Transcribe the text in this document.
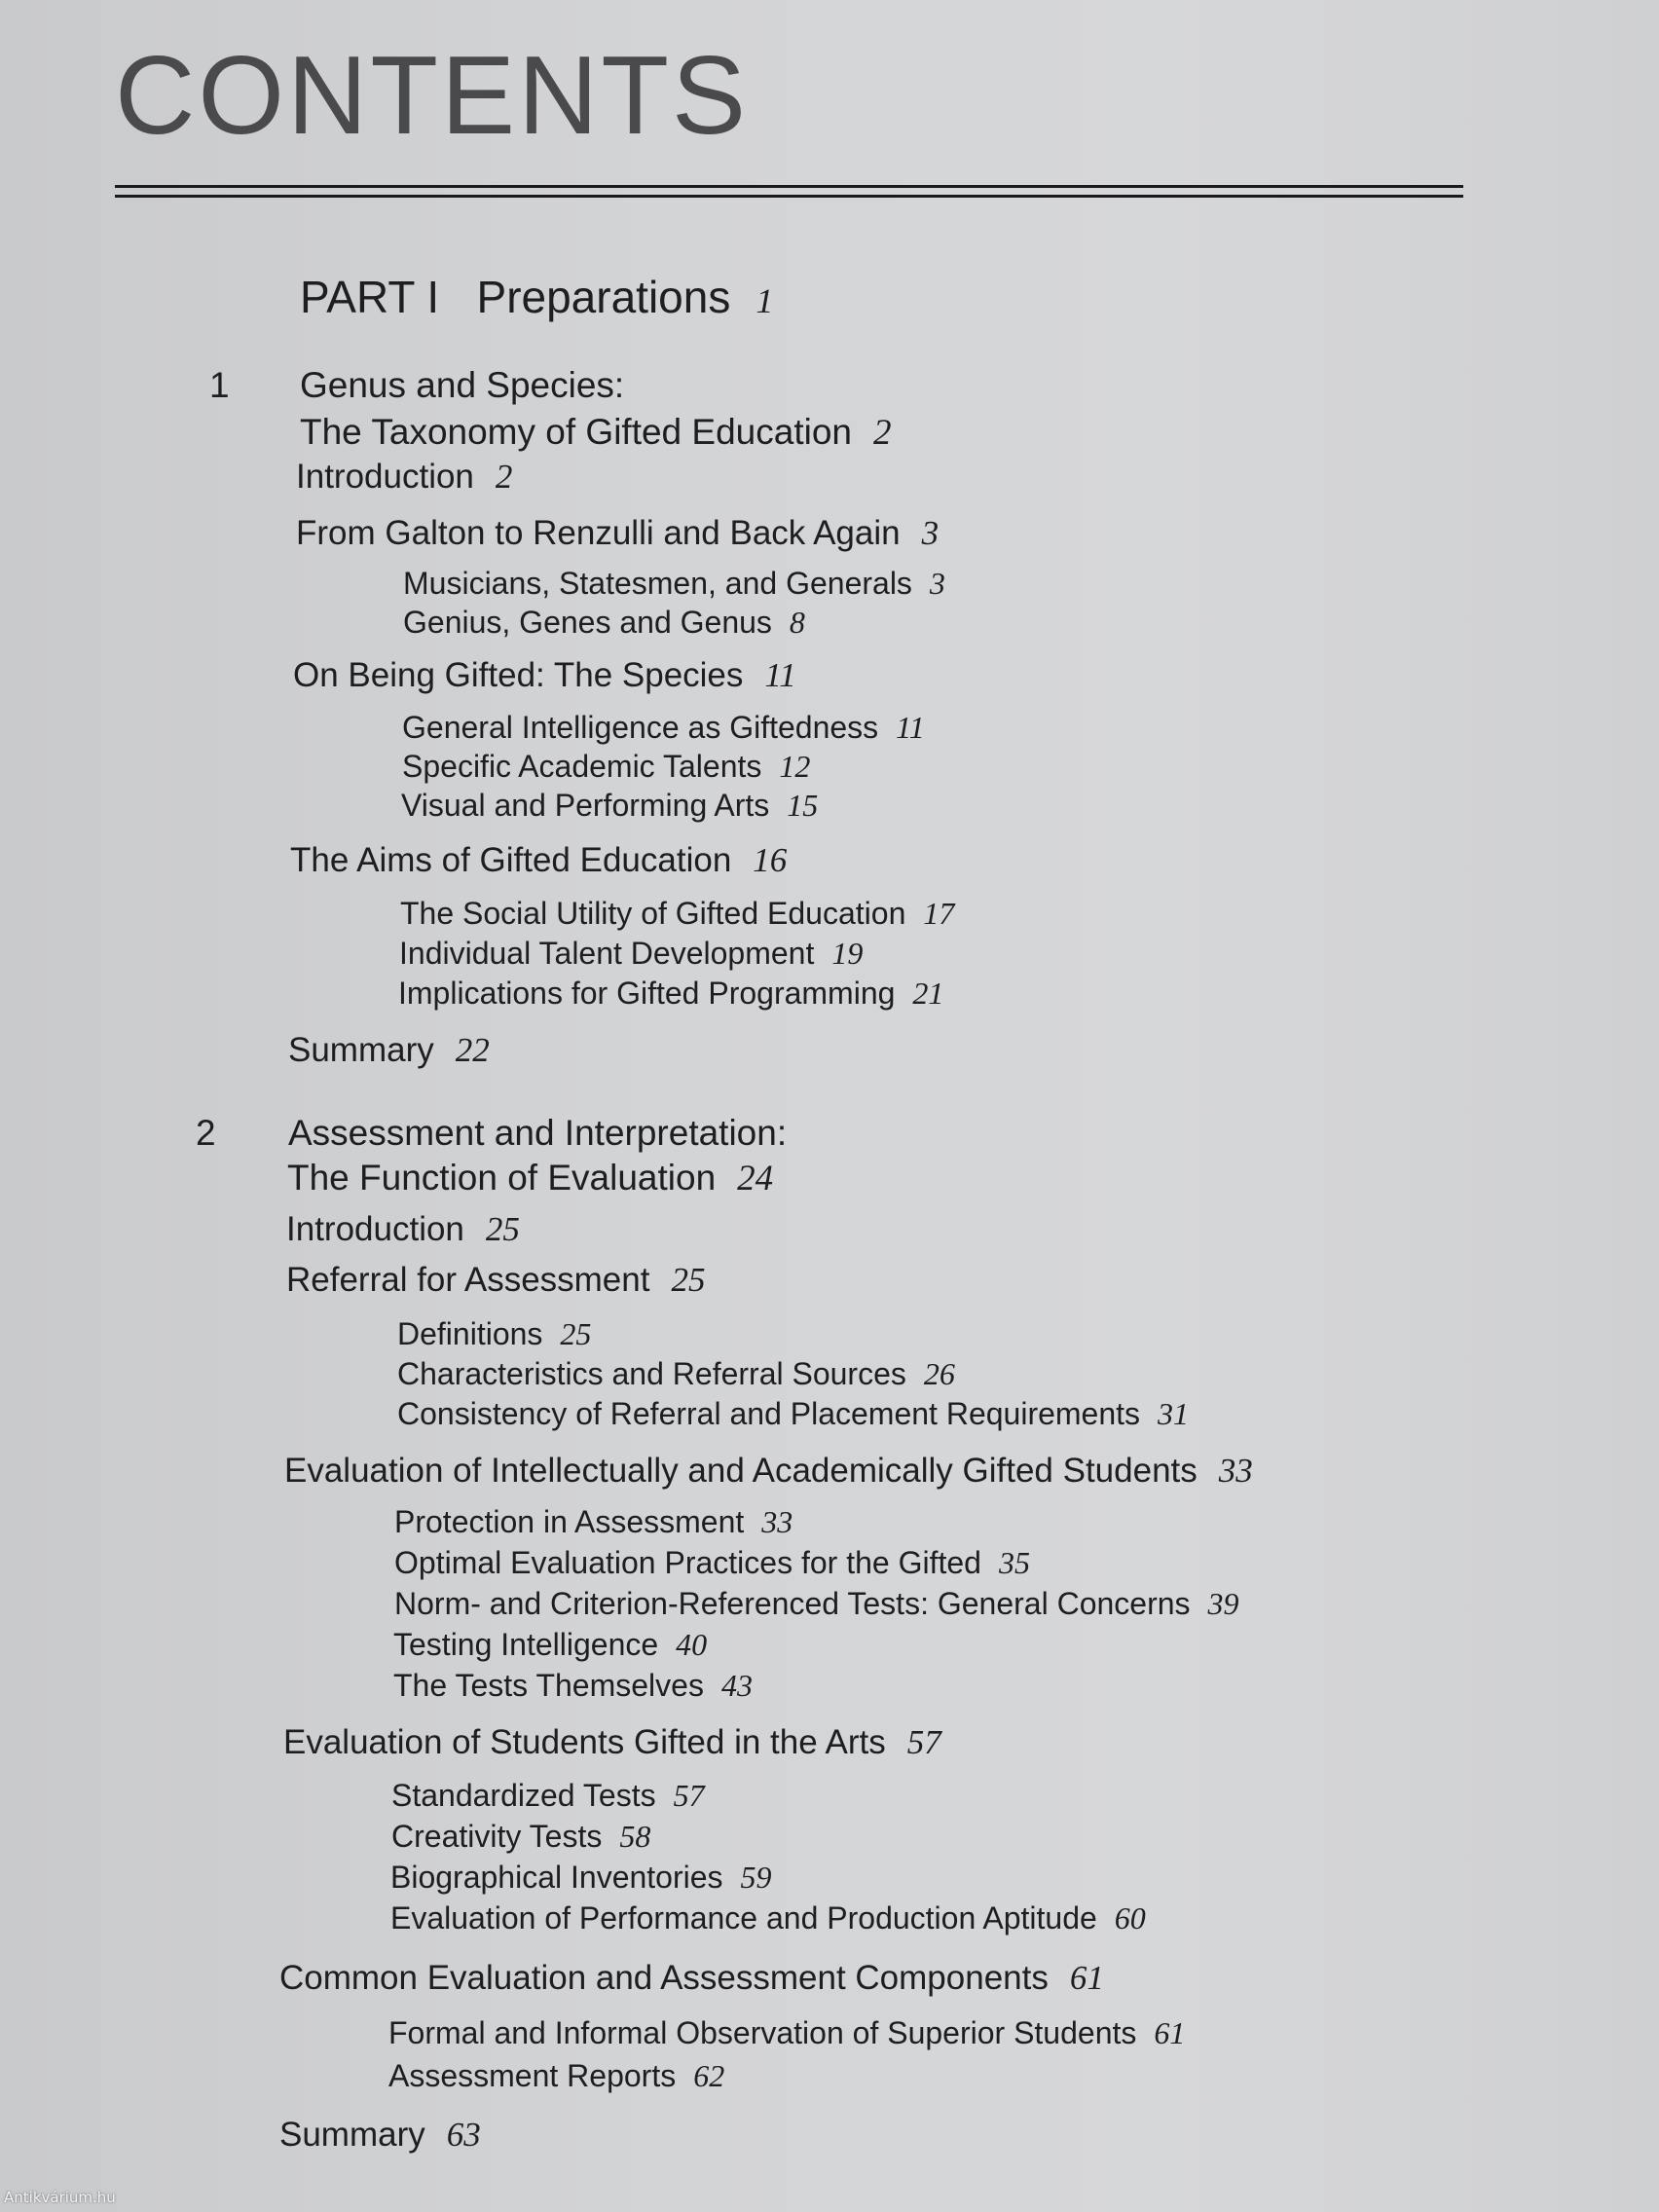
CONTENTS
PART I Preparations 1
1 Genus and Species:
The Taxonomy of Gifted Education 2
Introduction 2
From Galton to Renzulli and Back Again 3
Musicians, Statesmen, and Generals 3
Genius, Genes and Genus 8
On Being Gifted: The Species 11
General Intelligence as Giftedness 11
Specific Academic Talents 12
Visual and Performing Arts 15
The Aims of Gifted Education 16
The Social Utility of Gifted Education 17
Individual Talent Development 19
Implications for Gifted Programming 21
Summary 22
2 Assessment and Interpretation:
The Function of Evaluation 24
Introduction 25
Referral for Assessment 25
Definitions 25
Characteristics and Referral Sources 26
Consistency of Referral and Placement Requirements 31
Evaluation of Intellectually and Academically Gifted Students 33
Protection in Assessment 33
Optimal Evaluation Practices for the Gifted 35
Norm- and Criterion-Referenced Tests: General Concerns 39
Testing Intelligence 40
The Tests Themselves 43
Evaluation of Students Gifted in the Arts 57
Standardized Tests 57
Creativity Tests 58
Biographical Inventories 59
Evaluation of Performance and Production Aptitude 60
Common Evaluation and Assessment Components 61
Formal and Informal Observation of Superior Students 61
Assessment Reports 62
Summary 63

Antikvárium.hu
